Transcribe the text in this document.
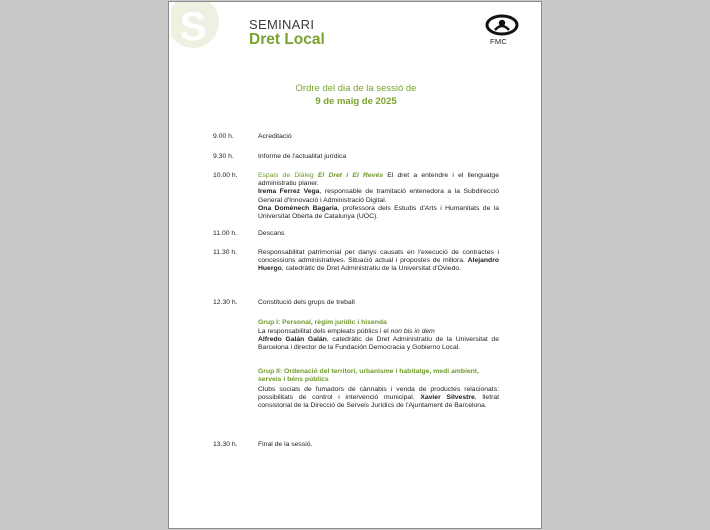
S	SEMINARI
Dret Local	FMC
Ordre del dia de la sessió de
9 de maig de 2025
9.00 h.	Acreditació
9.30 h.	Informe de l'actualitat jurídica
10.00 h.	Espais de Diàleg El Dret i El Revés El dret a entendre i el llenguatge administratiu planer.
Irema Ferrez Vega, responsable de tramitació entenedora a la Subdirecció General d'Innovació i Administració Digital.
Ona Domènech Bagaria, professora dels Estudis d'Arts i Humanitats de la Universitat Oberta de Catalunya (UOC).
11.00 h.	Descans
11.30 h.	Responsabilitat patrimonial per danys causats en l'execució de contractes i concessions administratives. Situació actual i propostes de millora. Alejandro Huergo, catedràtic de Dret Administratiu de la Universitat d'Oviedo.
12.30 h.	Constitució dels grups de treball
Grup I: Personal, règim jurídic i hisenda
La responsabilitat dels empleats públics i el non bis in dem
Alfredo Galán Galán, catedràtic de Dret Administratiu de la Universitat de Barcelona i director de la Fundación Democracia y Gobierno Local.
Grup II: Ordenació del territori, urbanisme i habitatge, medi ambient, serveis i béns públics
Clubs socials de fumadors de cànnabis i venda de productes relacionats: possibilitats de control i intervenció municipal. Xavier Silvestre, lletrat consistorial de la Direcció de Serveis Jurídics de l'Ajuntament de Barcelona.
13.30 h.	Final de la sessió.
